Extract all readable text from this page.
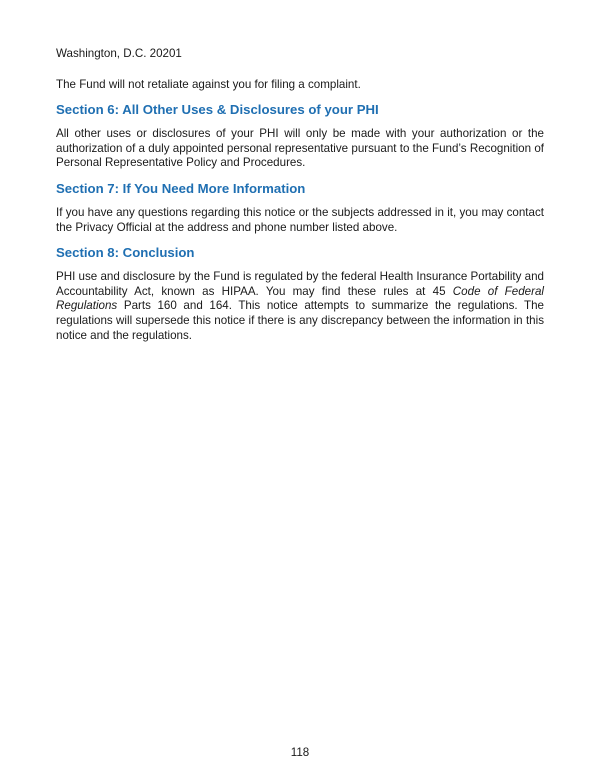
Washington, D.C. 20201

The Fund will not retaliate against you for filing a complaint.

Section 6: All Other Uses & Disclosures of your PHI

All other uses or disclosures of your PHI will only be made with your authorization or the authorization of a duly appointed personal representative pursuant to the Fund’s Recognition of Personal Representative Policy and Procedures.

Section 7: If You Need More Information

If you have any questions regarding this notice or the subjects addressed in it, you may contact the Privacy Official at the address and phone number listed above.

Section 8: Conclusion

PHI use and disclosure by the Fund is regulated by the federal Health Insurance Portability and Accountability Act, known as HIPAA. You may find these rules at 45 Code of Federal Regulations Parts 160 and 164. This notice attempts to summarize the regulations. The regulations will supersede this notice if there is any discrepancy between the information in this notice and the regulations.

118
